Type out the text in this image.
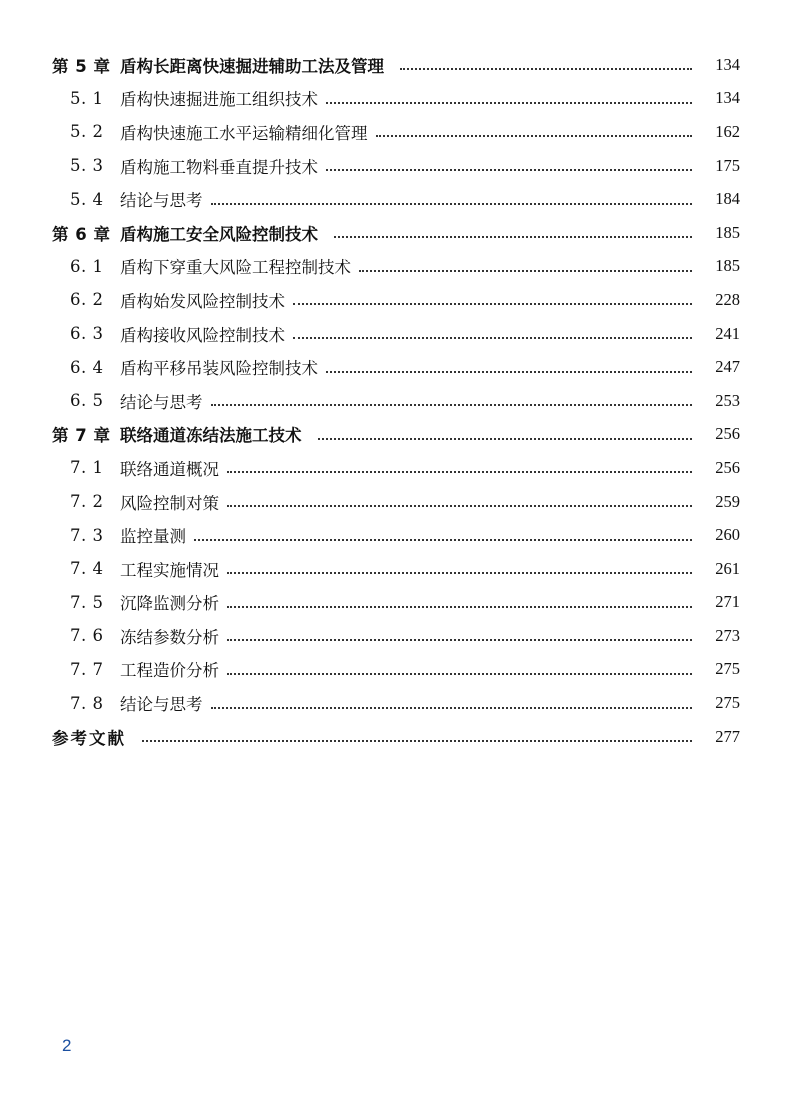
第 5 章 盾构长距离快速掘进辅助工法及管理	134
5. 1	盾构快速掘进施工组织技术	134
5. 2	盾构快速施工水平运输精细化管理	162
5. 3	盾构施工物料垂直提升技术	175
5. 4	结论与思考	184
第 6 章 盾构施工安全风险控制技术	185
6. 1	盾构下穿重大风险工程控制技术	185
6. 2	盾构始发风险控制技术	228
6. 3	盾构接收风险控制技术	241
6. 4	盾构平移吊装风险控制技术	247
6. 5	结论与思考	253
第 7 章 联络通道冻结法施工技术	256
7. 1	联络通道概况	256
7. 2	风险控制对策	259
7. 3	监控量测	260
7. 4	工程实施情况	261
7. 5	沉降监测分析	271
7. 6	冻结参数分析	273
7. 7	工程造价分析	275
7. 8	结论与思考	275
参考文献	277
2
